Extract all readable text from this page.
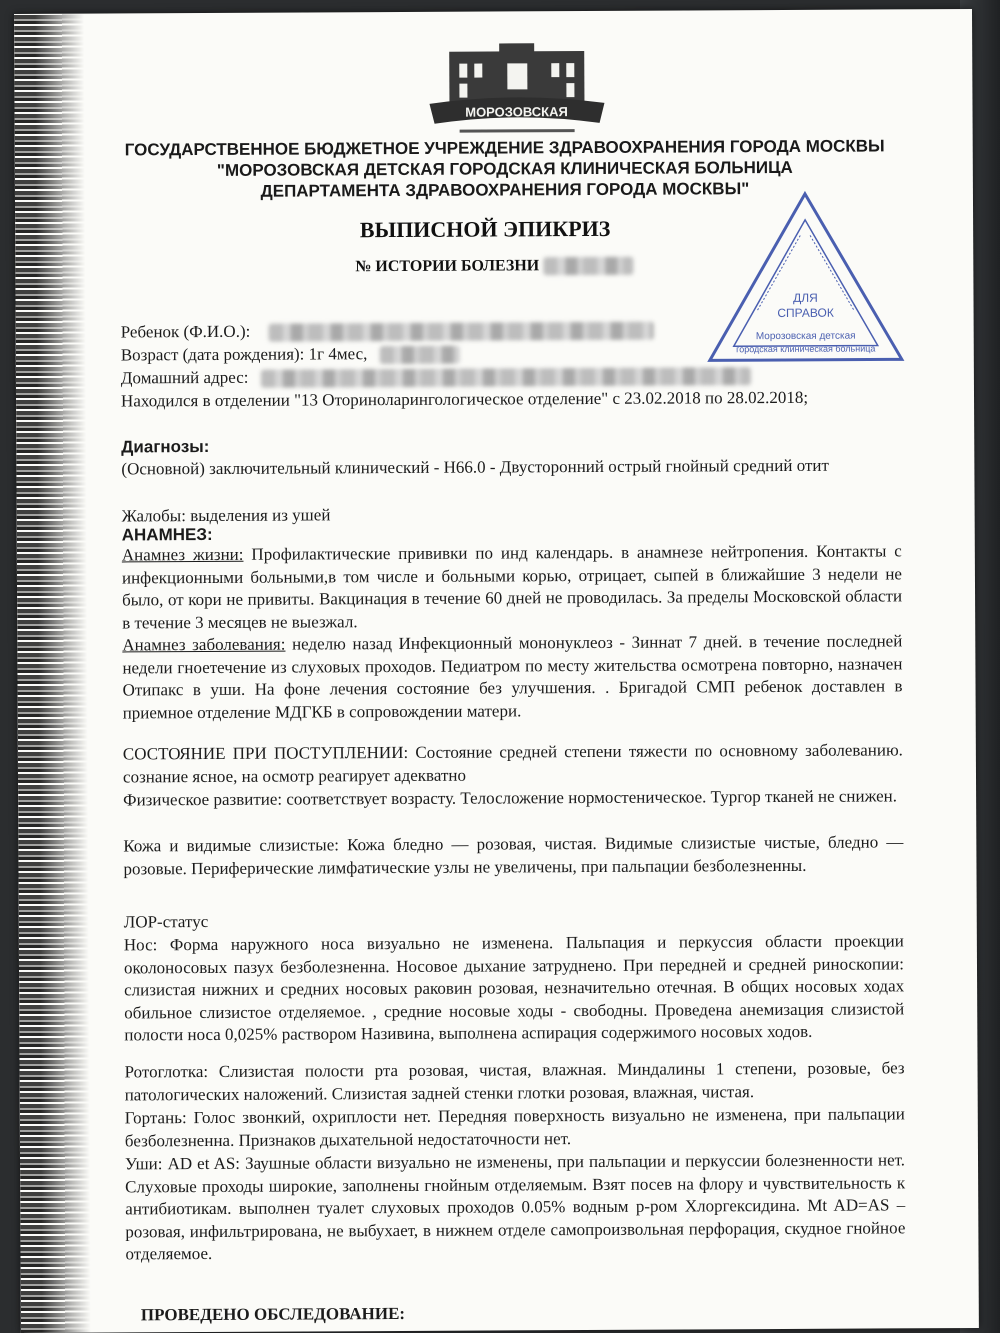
МОРОЗОВСКАЯ
ГОСУДАРСТВЕННОЕ БЮДЖЕТНОЕ УЧРЕЖДЕНИЕ ЗДРАВООХРАНЕНИЯ ГОРОДА МОСКВЫ
"МОРОЗОВСКАЯ ДЕТСКАЯ ГОРОДСКАЯ КЛИНИЧЕСКАЯ БОЛЬНИЦА
ДЕПАРТАМЕНТА ЗДРАВООХРАНЕНИЯ ГОРОДА МОСКВЫ"
ВЫПИСНОЙ ЭПИКРИЗ
№ ИСТОРИИ БОЛЕЗНИ
ДЛЯ
СПРАВОК
Морозовская детская
городская клиническая больница
Ребенок (Ф.И.О.):
Возраст (дата рождения): 1г 4мес,
Домашний адрес:
Находился в отделении "13 Оториноларингологическое отделение" с 23.02.2018 по 28.02.2018;
Диагнозы:
(Основной) заключительный клинический - H66.0 - Двусторонний острый гнойный средний отит
Жалобы: выделения из ушей
АНАМНЕЗ:
Анамнез жизни: Профилактические прививки по инд календарь. в анамнезе нейтропения. Контакты с инфекционными больными,в том числе и больными корью, отрицает, сыпей в ближайшие 3 недели не было, от кори не привиты. Вакцинация в течение 60 дней не проводилась. За пределы Московской области в течение 3 месяцев не выезжал.
Анамнез заболевания: неделю назад Инфекционный мононуклеоз - Зиннат 7 дней. в течение последней недели гноетечение из слуховых проходов. Педиатром по месту жительства осмотрена повторно, назначен Отипакс в уши. На фоне лечения состояние без улучшения. . Бригадой СМП ребенок доставлен в приемное отделение МДГКБ в сопровождении матери.
СОСТОЯНИЕ ПРИ ПОСТУПЛЕНИИ: Состояние средней степени тяжести по основному заболеванию. сознание ясное, на осмотр реагирует адекватно
Физическое развитие: соответствует возрасту. Телосложение нормостеническое. Тургор тканей не снижен.
Кожа и видимые слизистые: Кожа бледно — розовая, чистая. Видимые слизистые чистые, бледно — розовые. Периферические лимфатические узлы не увеличены, при пальпации безболезненны.
ЛОР-статус
Нос: Форма наружного носа визуально не изменена. Пальпация и перкуссия области проекции околоносовых пазух безболезненна. Носовое дыхание затруднено. При передней и средней риноскопии: слизистая нижних и средних носовых раковин розовая, незначительно отечная. В общих носовых ходах обильное слизистое отделяемое. , средние носовые ходы - свободны. Проведена анемизация слизистой полости носа 0,025% раствором Називина, выполнена аспирация содержимого носовых ходов.
Ротоглотка: Слизистая полости рта розовая, чистая, влажная. Миндалины 1 степени, розовые, без патологических наложений. Слизистая задней стенки глотки розовая, влажная, чистая.
Гортань: Голос звонкий, охриплости нет. Передняя поверхность визуально не изменена, при пальпации безболезненна. Признаков дыхательной недостаточности нет.
Уши: AD et AS: Заушные области визуально не изменены, при пальпации и перкуссии болезненности нет. Слуховые проходы широкие, заполнены гнойным отделяемым. Взят посев на флору и чувствительность к антибиотикам. выполнен туалет слуховых проходов 0.05% водным р-ром Хлоргексидина. Mt AD=AS – розовая, инфильтрирована, не выбухает, в нижнем отделе самопроизвольная перфорация, скудное гнойное отделяемое.
ПРОВЕДЕНО ОБСЛЕДОВАНИЕ:
